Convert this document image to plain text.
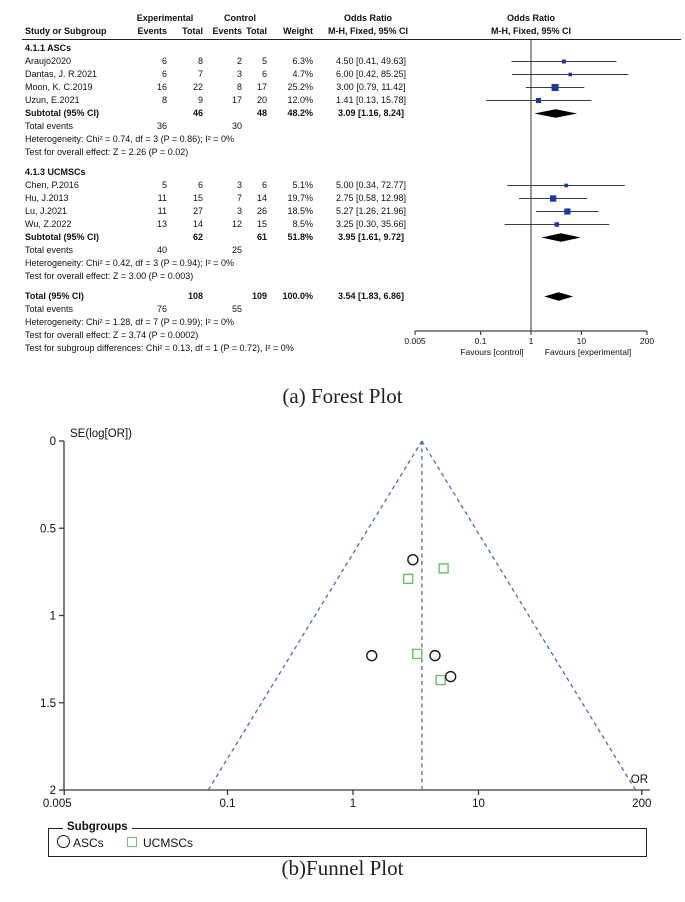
Experimental	Control	Odds Ratio	Odds Ratio
Study or Subgroup	Events Total Events Total Weight M-H, Fixed, 95% CI	M-H, Fixed, 95% CI
4.1.1 ASCs
Araujo2020	6	8	2	5	6.3%	4.50 [0.41, 49.63]
Dantas, J. R.2021	6	7	3	6	4.7%	6.00 [0.42, 85.25]
Moon, K. C.2019	16	22	8	17	25.2%	3.00 [0.79, 11.42]
Uzun, E.2021	8	9	17	20	12.0%	1.41 [0.13, 15.78]
Subtotal (95% CI)	46	48	48.2%	3.09 [1.16, 8.24]
Total events	36	30
Heterogeneity: Chi² = 0.74, df = 3 (P = 0.86); I² = 0%
Test for overall effect: Z = 2.26 (P = 0.02)
4.1.3 UCMSCs
Chen, P.2016	5	6	3	6	5.1%	5.00 [0.34, 72.77]
Hu, J.2013	11	15	7	14	19.7%	2.75 [0.58, 12.98]
Lu, J.2021	11	27	3	26	18.5%	5.27 [1.26, 21.96]
Wu, Z.2022	13	14	12	15	8.5%	3.25 [0.30, 35.66]
Subtotal (95% CI)	62	61	51.8%	3.95 [1.61, 9.72]
Total events	40	25
Heterogeneity: Chi² = 0.42, df = 3 (P = 0.94); I² = 0%
Test for overall effect: Z = 3.00 (P = 0.003)
Total (95% CI)	108	109	100.0%	3.54 [1.83, 6.86]
Total events	76	55
Heterogeneity: Chi² = 1.28, df = 7 (P = 0.99); I² = 0%
Test for overall effect: Z = 3.74 (P = 0.0002)
Test for subgroup differences: Chi² = 0.13, df = 1 (P = 0.72), I² = 0%
0.005	0.1	1	10	200
Favours [control] Favours [experimental]
(a) Forest Plot
0
0.5
1
1.5
2
0.005	0.1	1	10	200
SE(log[OR])
OR
Subgroups
ASCs	UCMSCs
(b)Funnel Plot
